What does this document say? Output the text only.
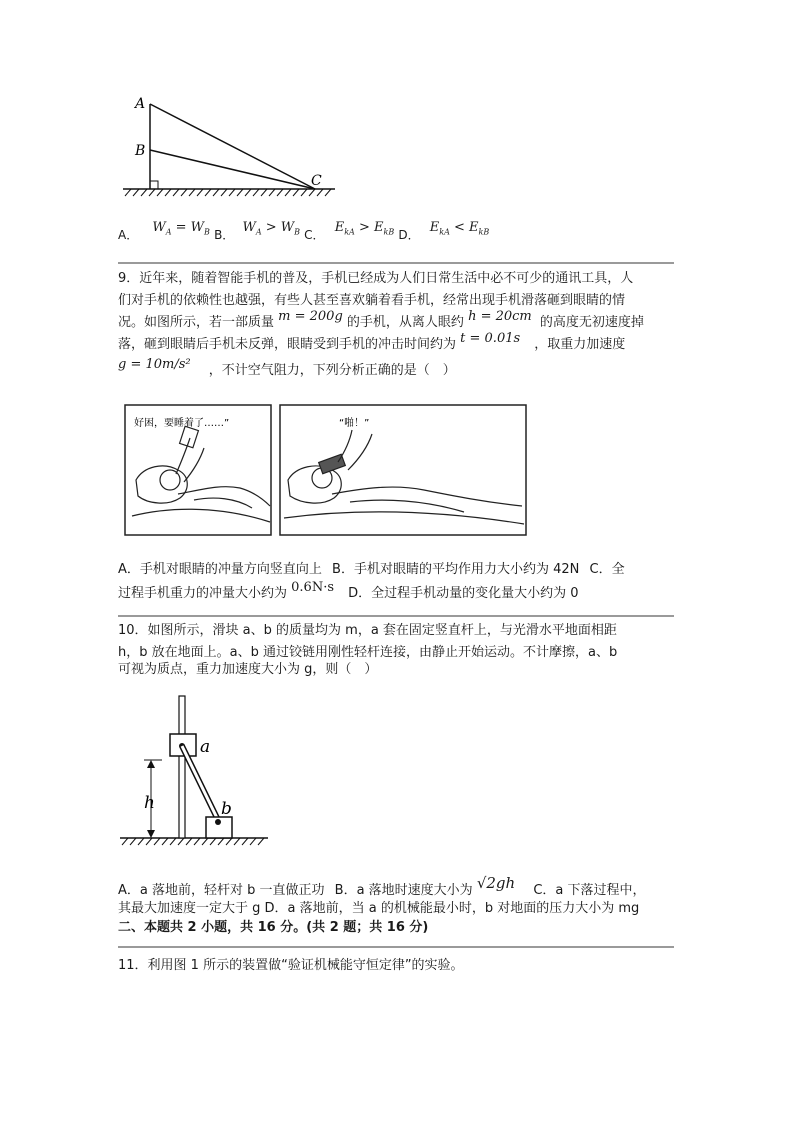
A
B
C
A． $W_A = W_B$ B． $W_A > W_B$ C． $E_{kA} > E_{kB}$ D． $E_{kA} < E_{kB}$
9．近年来，随着智能手机的普及，手机已经成为人们日常生活中必不可少的通讯工具，人
们对手机的依赖性也越强，有些人甚至喜欢躺着看手机，经常出现手机滑落砸到眼睛的情
况。如图所示，若一部质量 m = 200g 的手机，从离人眼约 h = 20cm 的高度无初速度掉
落，砸到眼睛后手机未反弹，眼睛受到手机的冲击时间约为 t = 0.01s ，取重力加速度
g = 10m/s² ，不计空气阻力，下列分析正确的是（　）
好困，要睡着了……”	“啪！”
A．手机对眼睛的冲量方向竖直向上 B．手机对眼睛的平均作用力大小约为 42N C．全
过程手机重力的冲量大小约为 0.6N·s D．全过程手机动量的变化量大小约为 0
10．如图所示，滑块 a、b 的质量均为 m，a 套在固定竖直杆上，与光滑水平地面相距
h，b 放在地面上。a、b 通过铰链用刚性轻杆连接，由静止开始运动。不计摩擦，a、b
可视为质点，重力加速度大小为 g，则（　）
h
a
b
A．a 落地前，轻杆对 b 一直做正功 B．a 落地时速度大小为 √2gh C．a 下落过程中，
其最大加速度一定大于 g D．a 落地前，当 a 的机械能最小时，b 对地面的压力大小为 mg
二、本题共 2 小题，共 16 分。(共 2 题；共 16 分)
11．利用图 1 所示的装置做“验证机械能守恒定律”的实验。
